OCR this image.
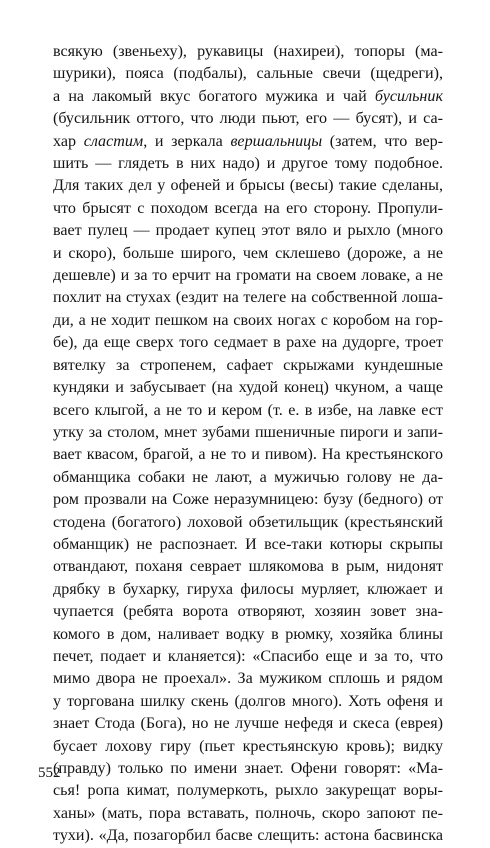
всякую (звеньеху), рукавицы (нахиреи), топоры (ма-
шурики), пояса (подбалы), сальные свечи (щедреги),
а на лакомый вкус богатого мужика и чай бусильник
(бусильник оттого, что люди пьют, его — бусят), и са-
хар сластим, и зеркала вершальницы (затем, что вер-
шить — глядеть в них надо) и другое тому подобное.
Для таких дел у офеней и брысы (весы) такие сделаны,
что брысят с походом всегда на его сторону. Пропули-
вает пулец — продает купец этот вяло и рыхло (много
и скоро), больше широго, чем склешево (дороже, а не
дешевле) и за то ерчит на громати на своем ловаке, а не
похлит на стухах (ездит на телеге на собственной лоша-
ди, а не ходит пешком на своих ногах с коробом на гор-
бе), да еще сверх того седмает в рахе на дудорге, троет
вятелку за стропенем, сафает скрыжами кундешные
кундяки и забусывает (на худой конец) чкуном, а чаще
всего клыгой, а не то и кером (т. е. в избе, на лавке ест
утку за столом, мнет зубами пшеничные пироги и запи-
вает квасом, брагой, а не то и пивом). На крестьянского
обманщика собаки не лают, а мужичью голову не да-
ром прозвали на Соже неразумницею: бузу (бедного) от
стодена (богатого) лоховой обзетильщик (крестьянский
обманщик) не распознает. И все-таки котюры скрыпы
отвандают, поханя севрает шлякомова в рым, нидонят
дрябку в бухарку, гируха филосы мурляет, клюжает и
чупается (ребята ворота отворяют, хозяин зовет зна-
комого в дом, наливает водку в рюмку, хозяйка блины
печет, подает и кланяется): «Спасибо еще и за то, что
мимо двора не проехал». За мужиком сплошь и рядом
у торгована шилку скень (долгов много). Хоть офеня и
знает Стода (Бога), но не лучше нефедя и скеса (еврея)
бусает лоховy гиру (пьет крестьянскую кровь); видку
(правду) только по имени знает. Офени говорят: «Ма-
сья! ропа кимат, полумеркоть, рыхло закурещат воры-
ханы» (мать, пора вставать, полночь, скоро запоют пе-
тухи). «Да, позагорбил басве слещить: астона басвинска
552
